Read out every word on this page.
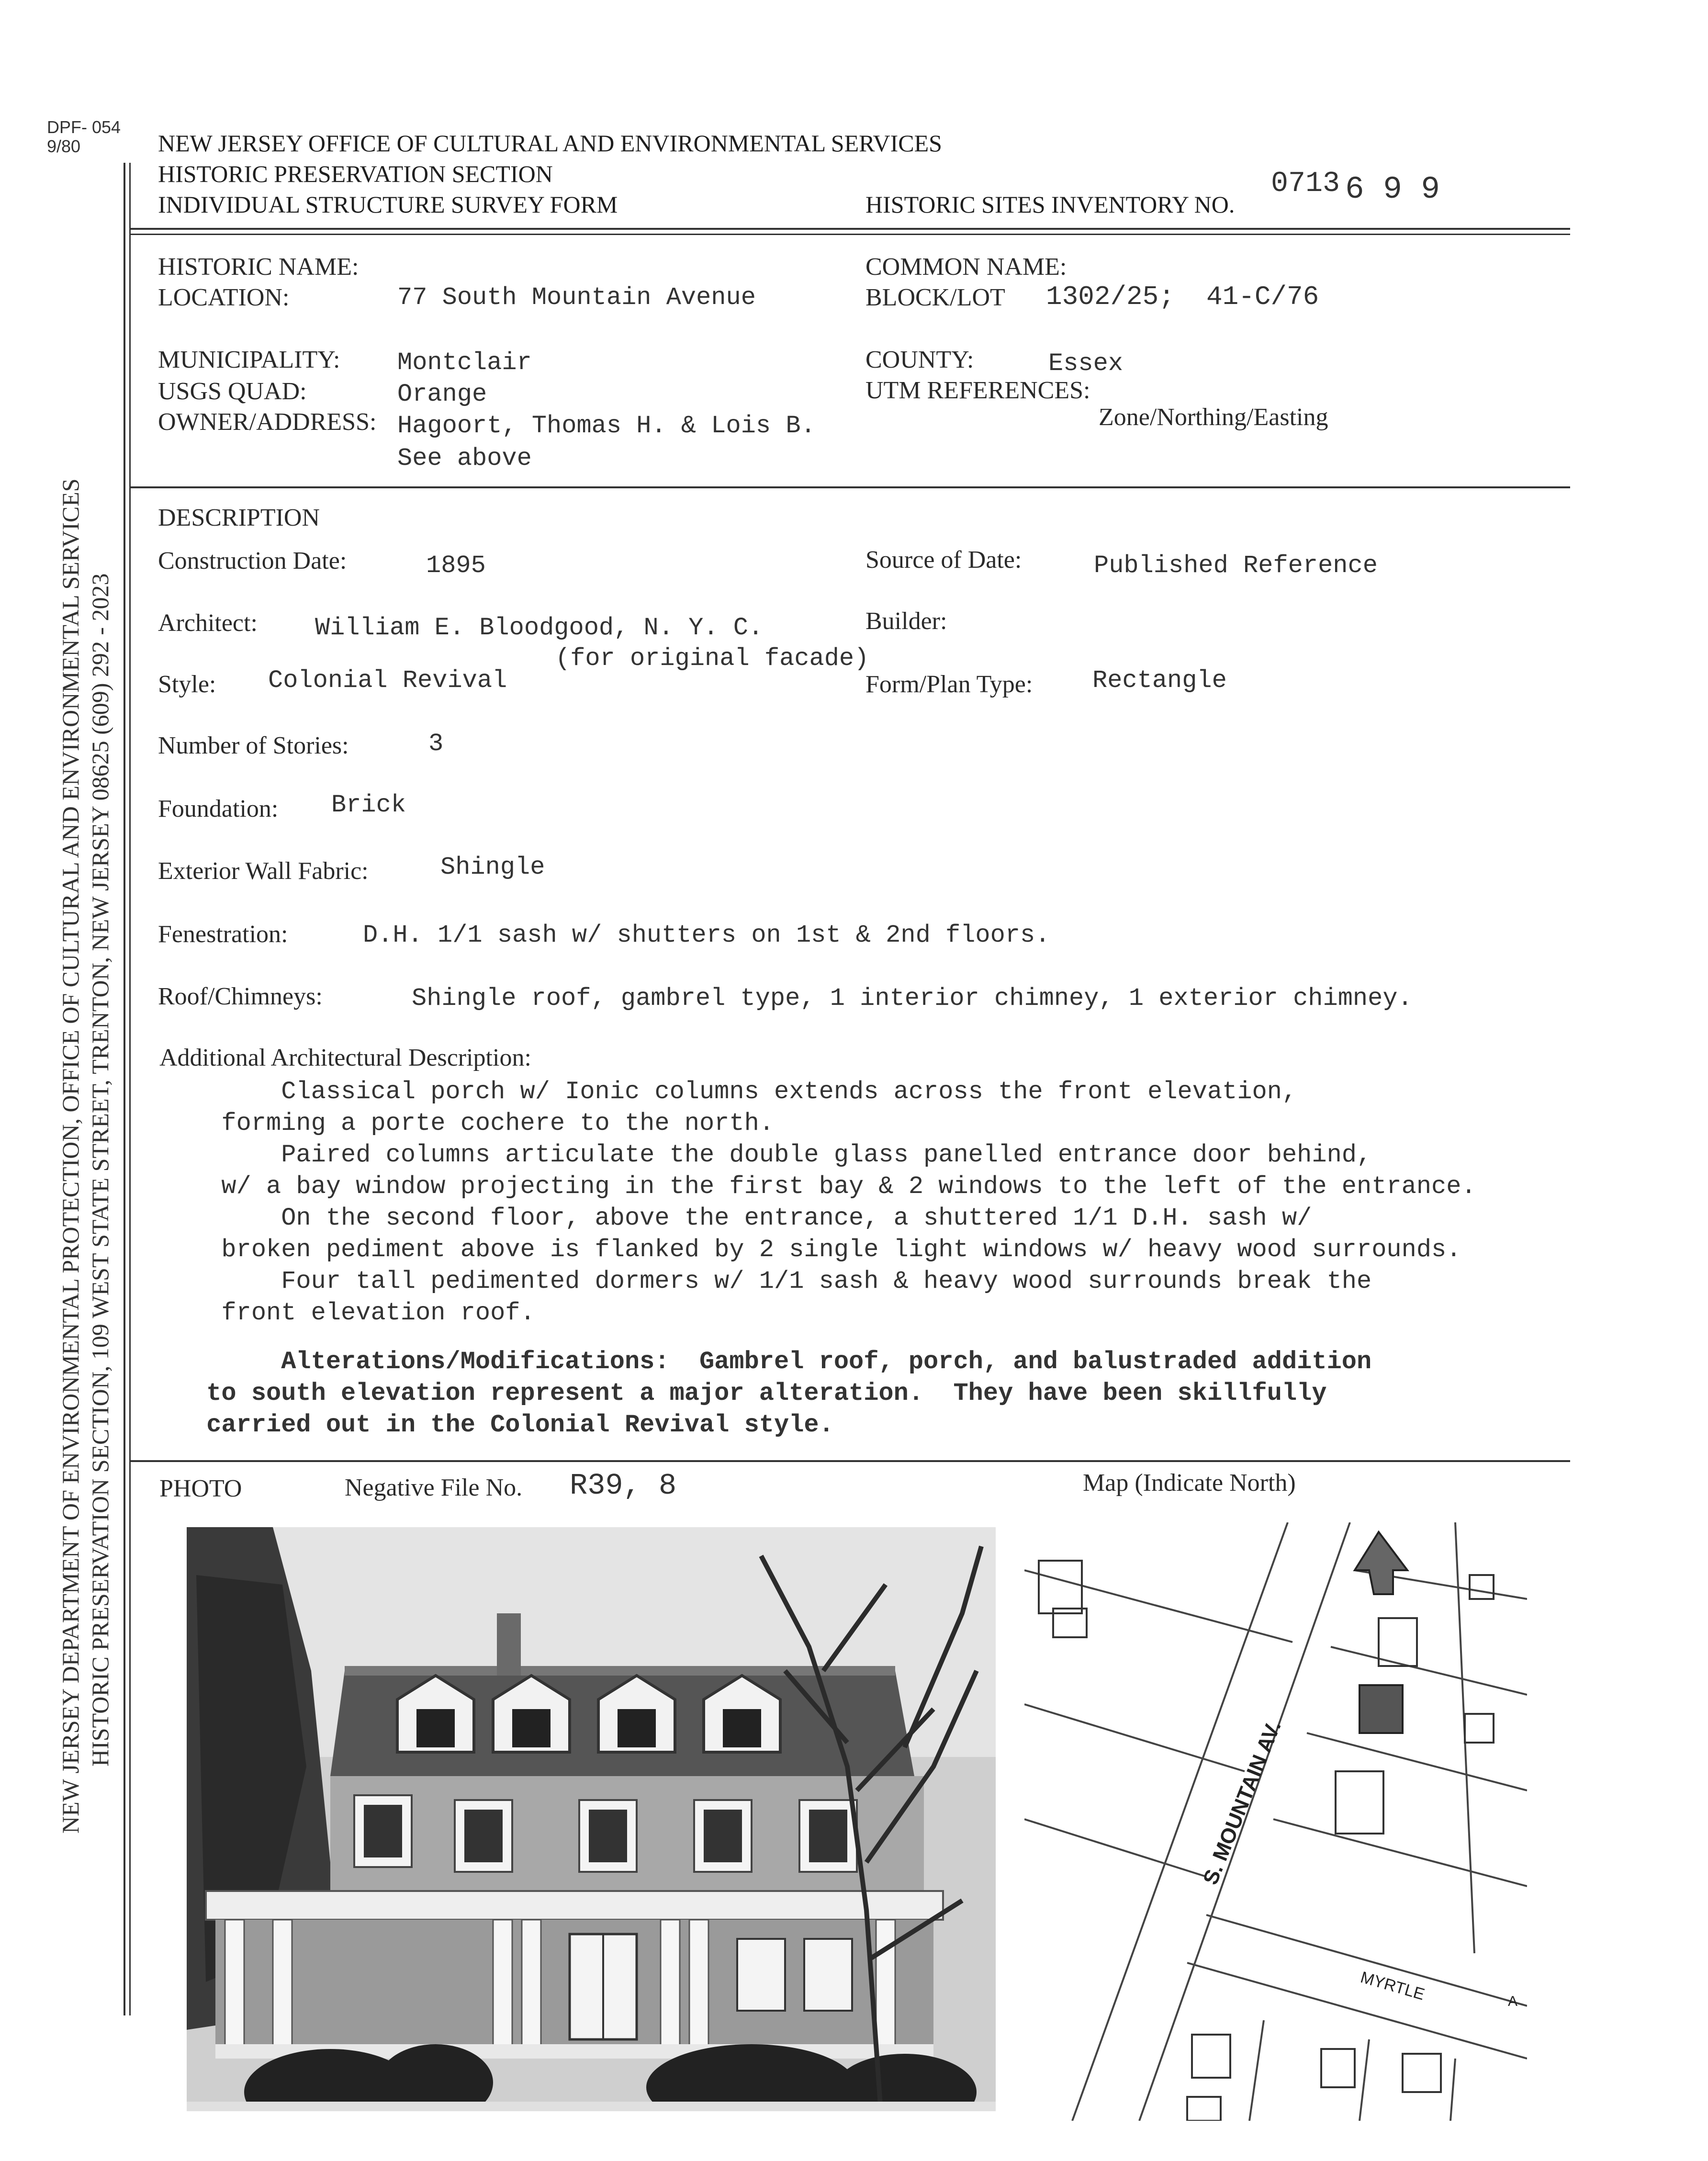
DPF- 054
9/80
NEW JERSEY DEPARTMENT OF ENVIRONMENTAL PROTECTION, OFFICE OF CULTURAL AND ENVIRONMENTAL SERVICES HISTORIC PRESERVATION SECTION, 109 WEST STATE STREET, TRENTON, NEW JERSEY 08625 (609) 292 - 2023
NEW JERSEY OFFICE OF CULTURAL AND ENVIRONMENTAL SERVICES
HISTORIC PRESERVATION SECTION
INDIVIDUAL STRUCTURE SURVEY FORM	HISTORIC SITES INVENTORY NO.
0713 6 9 9
HISTORIC NAME:
LOCATION:	77 South Mountain Avenue
COMMON NAME:
BLOCK/LOT 1302/25; 41-C/76
MUNICIPALITY: Montclair
USGS QUAD:	Orange
OWNER/ADDRESS: Hagoort, Thomas H. & Lois B.
See above
COUNTY:	Essex
UTM REFERENCES:
Zone/Northing/Easting
DESCRIPTION
Construction Date:	1895	Source of Date:	Published Reference
Architect: William E. Bloodgood, N. Y. C.	Builder:
(for original facade)
Style: Colonial Revival	Form/Plan Type: Rectangle
Number of Stories:	3
Foundation: Brick
Exterior Wall Fabric:	Shingle
Fenestration:	D.H. 1/1 sash w/ shutters on 1st & 2nd floors.
Roof/Chimneys:	Shingle roof, gambrel type, 1 interior chimney, 1 exterior chimney.
Additional Architectural Description:
Classical porch w/ Ionic columns extends across the front elevation,
forming a porte cochere to the north.
Paired columns articulate the double glass panelled entrance door behind,
w/ a bay window projecting in the first bay & 2 windows to the left of the entrance.
On the second floor, above the entrance, a shuttered 1/1 D.H. sash w/
broken pediment above is flanked by 2 single light windows w/ heavy wood surrounds.
Four tall pedimented dormers w/ 1/1 sash & heavy wood surrounds break the
front elevation roof.
Alterations/Modifications:  Gambrel roof, porch, and balustraded addition
to south elevation represent a major alteration.  They have been skillfully
carried out in the Colonial Revival style.
PHOTO	Negative File No. R39, 8	Map (Indicate North)
S. MOUNTAIN AV.
MYRTLE	A
